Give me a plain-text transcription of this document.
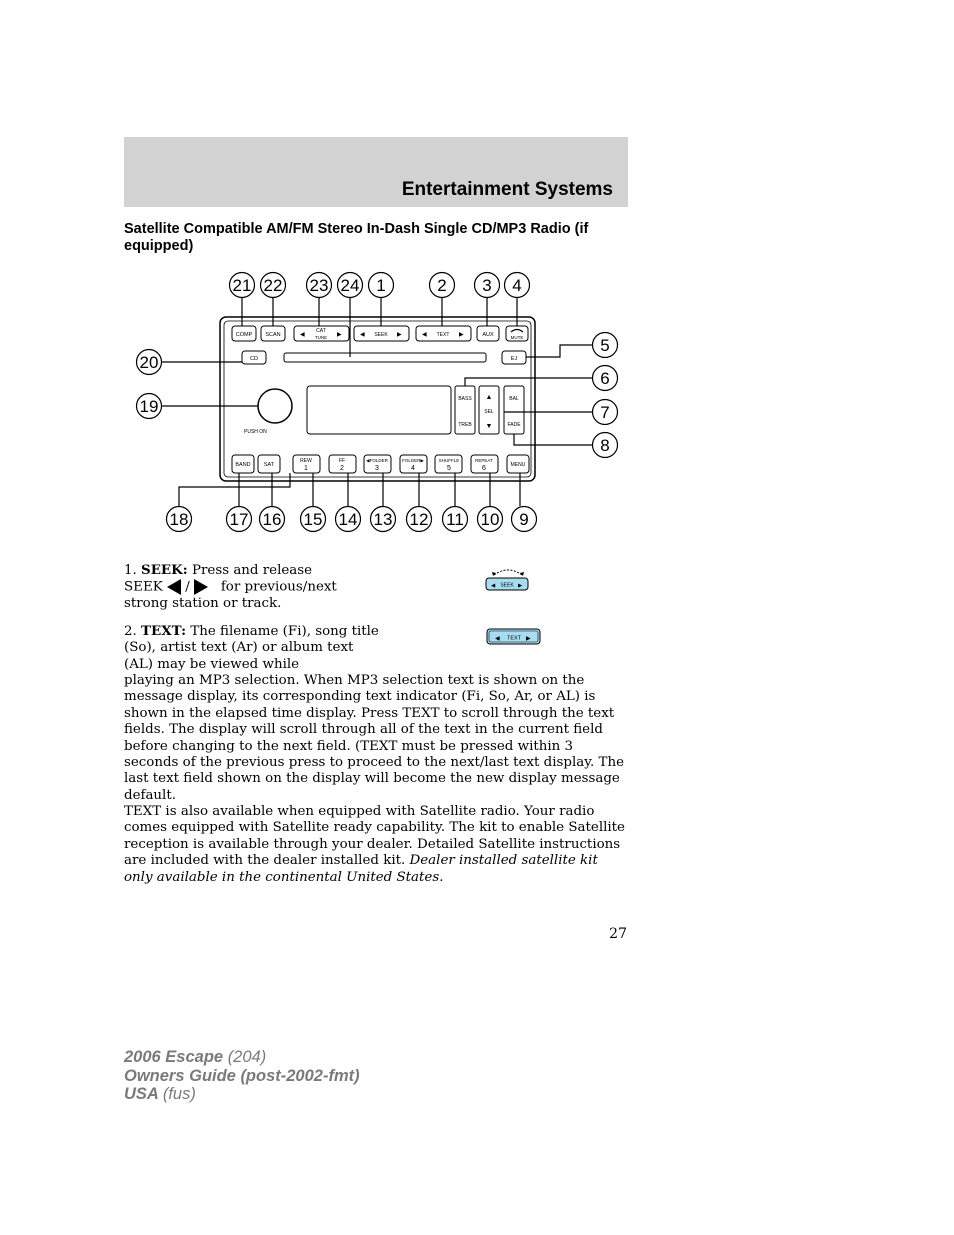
Entertainment Systems
Satellite Compatible AM/FM Stereo In-Dash Single CD/MP3 Radio (if equipped)
COMP SCAN	◀
CAT
TUNE ▶	◀ SEEK ▶	◀ TEXT ▶	AUX	MUTE
CD	EJ
PUSH ON
BASS
TREB
▲
SEL
▼
BAL
FADE
BAND SAT
REW
1
FF
2
◀FOLDER
3
FOLDER▶
4
SHUFFLE
5
REPEAT
6	MENU
21 22 23 24 1	2 3 4
5
6
7
8
20
19
18 17 16 15 14 13 12 11 10 9
1. SEEK: Press and release
SEEK / for previous/next
strong station or track.
◀ SEEK ▶
2. TEXT: The filename (Fi), song title (So), artist text (Ar) or album text (AL) may be viewed while
◀ TEXT ▶
playing an MP3 selection. When MP3 selection text is shown on the message display, its corresponding text indicator (Fi, So, Ar, or AL) is shown in the elapsed time display. Press TEXT to scroll through the text fields. The display will scroll through all of the text in the current field before changing to the next field. (TEXT must be pressed within 3 seconds of the previous press to proceed to the next/last text display. The last text field shown on the display will become the new display message default.
TEXT is also available when equipped with Satellite radio. Your radio comes equipped with Satellite ready capability. The kit to enable Satellite reception is available through your dealer. Detailed Satellite instructions are included with the dealer installed kit. Dealer installed satellite kit only available in the continental United States.
27
2006 Escape (204)
Owners Guide (post-2002-fmt)
USA (fus)
